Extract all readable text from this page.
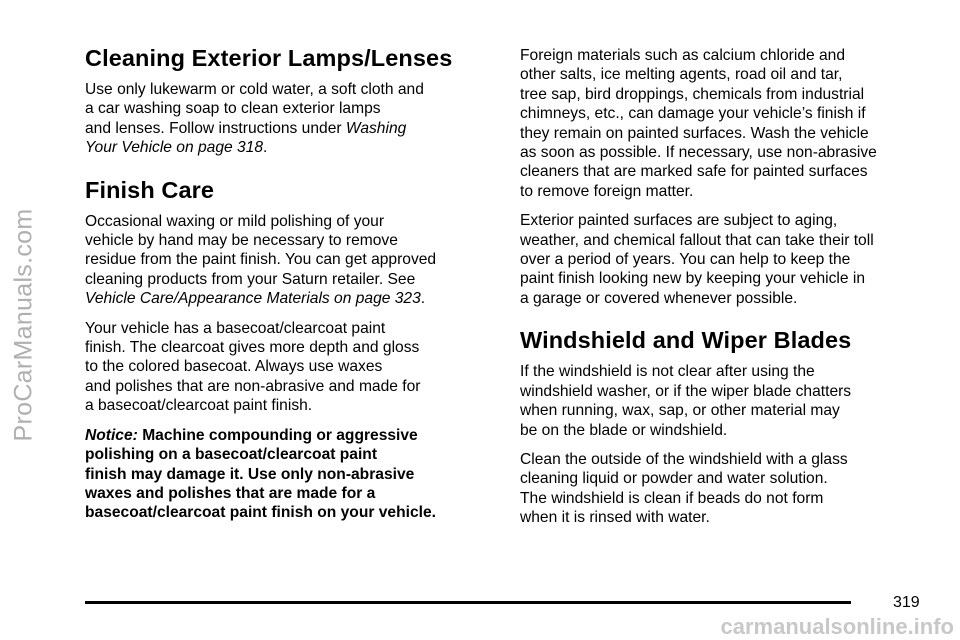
ProCarManuals.com
Cleaning Exterior Lamps/Lenses

Use only lukewarm or cold water, a soft cloth and
a car washing soap to clean exterior lamps
and lenses. Follow instructions under Washing
Your Vehicle on page 318.

Finish Care

Occasional waxing or mild polishing of your
vehicle by hand may be necessary to remove
residue from the paint finish. You can get approved
cleaning products from your Saturn retailer. See
Vehicle Care/Appearance Materials on page 323.

Your vehicle has a basecoat/clearcoat paint
finish. The clearcoat gives more depth and gloss
to the colored basecoat. Always use waxes
and polishes that are non-abrasive and made for
a basecoat/clearcoat paint finish.

Notice: Machine compounding or aggressive
polishing on a basecoat/clearcoat paint
finish may damage it. Use only non-abrasive
waxes and polishes that are made for a
basecoat/clearcoat paint finish on your vehicle.

Foreign materials such as calcium chloride and
other salts, ice melting agents, road oil and tar,
tree sap, bird droppings, chemicals from industrial
chimneys, etc., can damage your vehicle’s finish if
they remain on painted surfaces. Wash the vehicle
as soon as possible. If necessary, use non-abrasive
cleaners that are marked safe for painted surfaces
to remove foreign matter.

Exterior painted surfaces are subject to aging,
weather, and chemical fallout that can take their toll
over a period of years. You can help to keep the
paint finish looking new by keeping your vehicle in
a garage or covered whenever possible.

Windshield and Wiper Blades

If the windshield is not clear after using the
windshield washer, or if the wiper blade chatters
when running, wax, sap, or other material may
be on the blade or windshield.

Clean the outside of the windshield with a glass
cleaning liquid or powder and water solution.
The windshield is clean if beads do not form
when it is rinsed with water.

319
carmanualsonline.info
